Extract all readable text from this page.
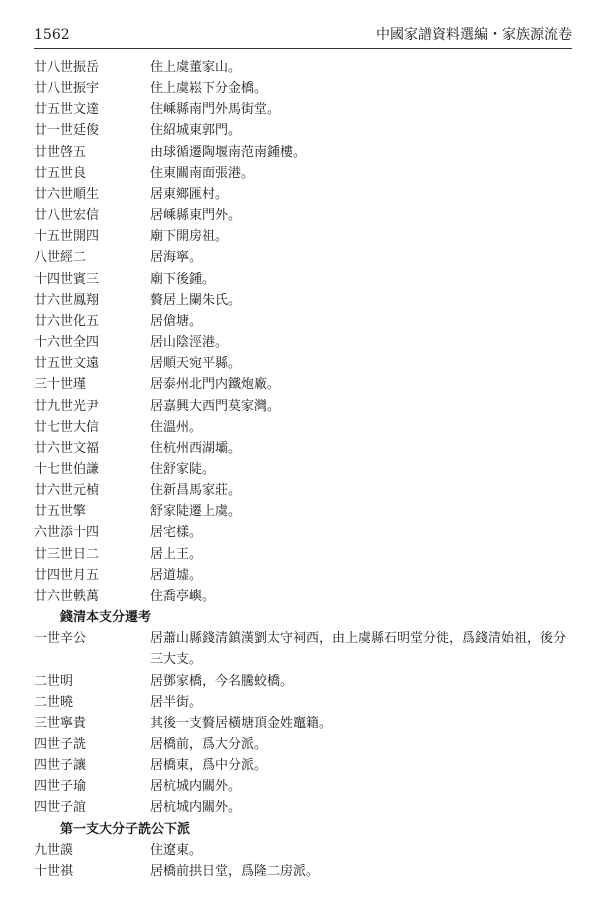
1562	中國家譜資料選編・家族源流卷
廿八世振岳	住上虞董家山。
廿八世振宇	住上虞崧下分金橋。
廿五世文達	住嵊縣南門外馬街堂。
廿一世廷俊	住紹城東郭門。
廿世啓五	由球循遷陶堰南范南鍾樓。
廿五世良	住東關南面張港。
廿六世順生	居東鄉匯村。
廿八世宏信	居嵊縣東門外。
十五世開四	廟下開房祖。
八世經二	居海寧。
十四世賓三	廟下後鍾。
廿六世鳳翔	贅居上闌朱氏。
廿六世化五	居傖塘。
十六世全四	居山陰涇港。
廿五世文遠	居順天宛平縣。
三十世瑾	居泰州北門内鐵炮廠。
廿九世光尹	居嘉興大西門莫家灣。
廿七世大信	住溫州。
廿六世文福	住杭州西湖壩。
十七世伯謙	住舒家陡。
廿六世元楨	住新昌馬家莊。
廿五世擎	舒家陡遷上虞。
六世添十四	居宅樣。
廿三世日二	居上王。
廿四世月五	居道墟。
廿六世軼萬	住喬亭嶼。
錢清本支分遷考
一世辛公	居蕭山縣錢清鎮漢劉太守祠西，由上虞縣石明堂分徙，爲錢清始祖，後分三大支。
二世明	居鄧家橋，今名騰蛟橋。
二世曉	居半街。
三世寧貴	其後一支贅居橫塘頂金姓竈籍。
四世子詵	居橋前，爲大分派。
四世子讓	居橋東，爲中分派。
四世子瑜	居杭城内關外。
四世子誼	居杭城内關外。
第一支大分子詵公下派
九世謨	住遼東。
十世祺	居橋前拱日堂，爲隆二房派。
